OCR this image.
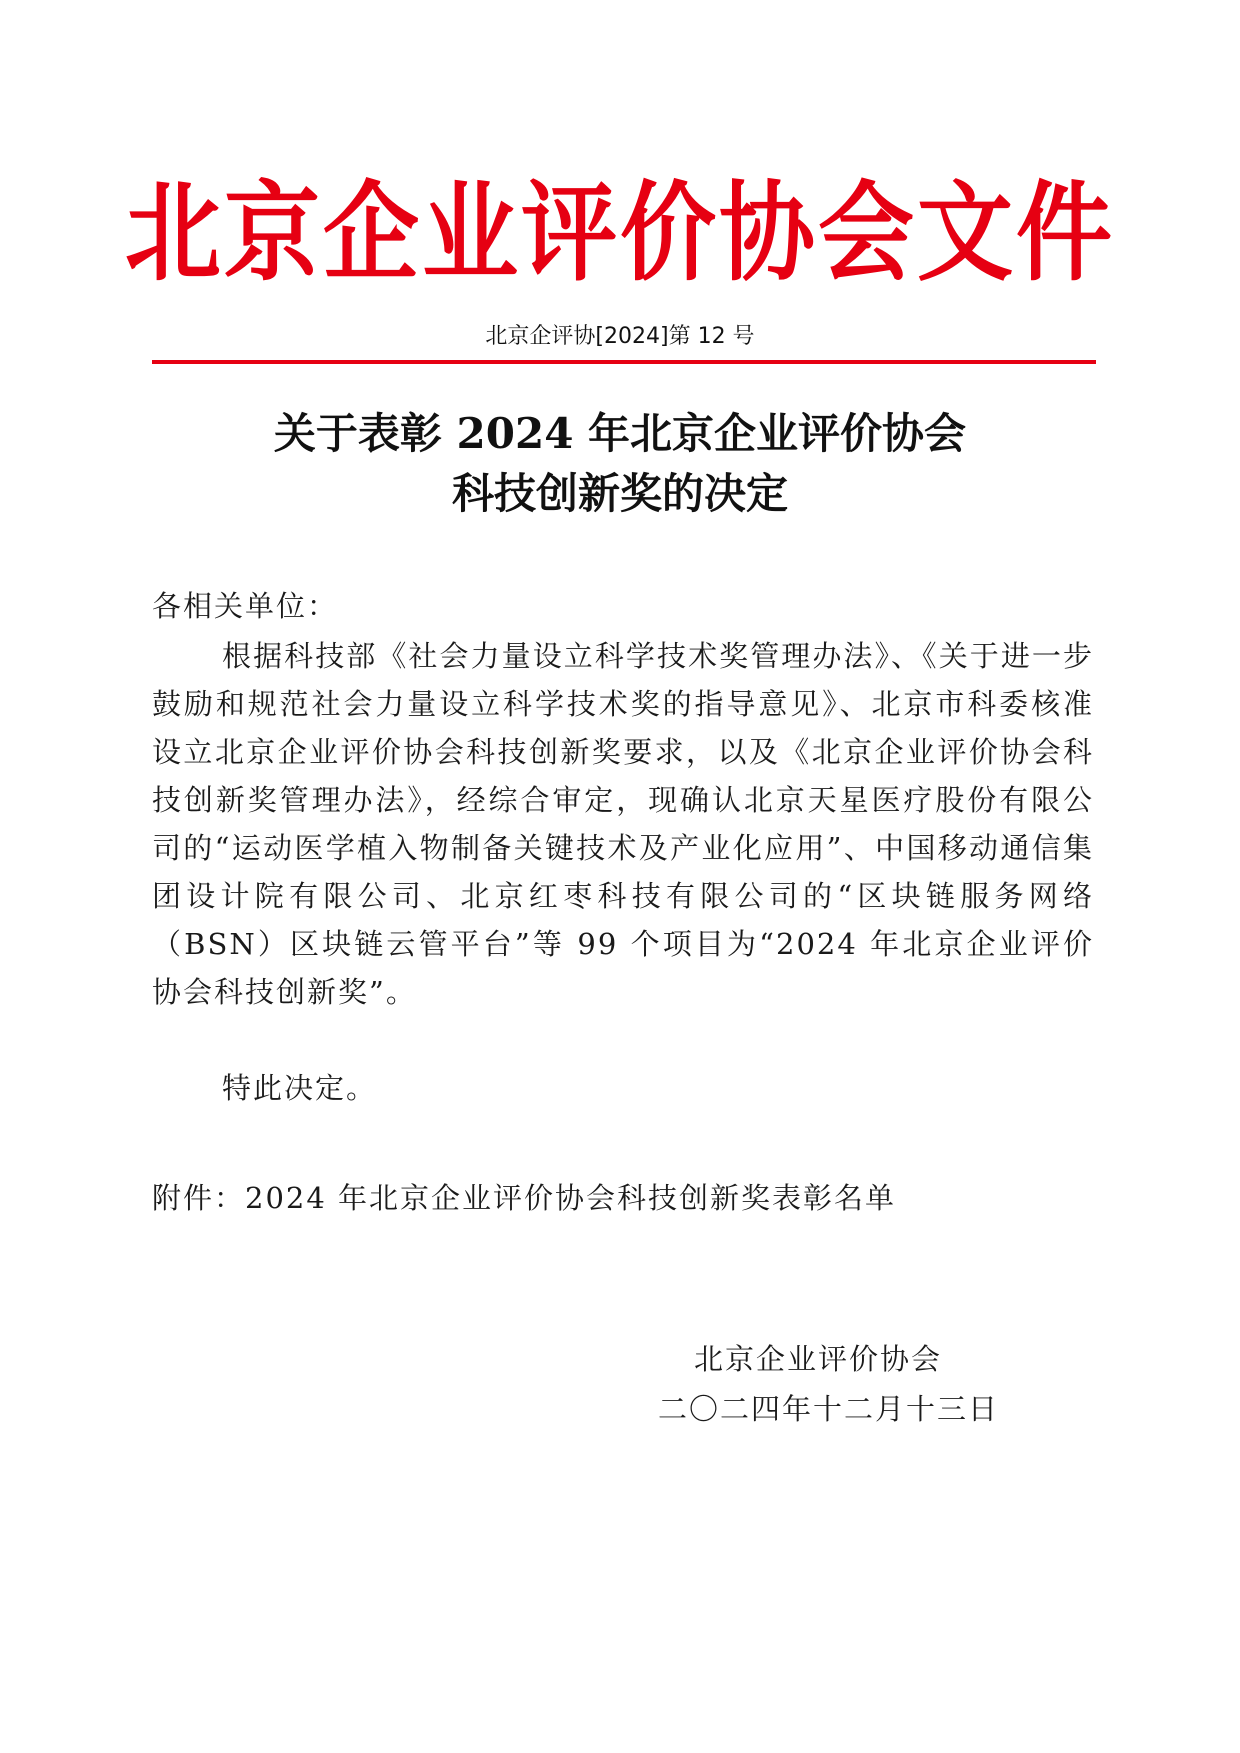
北京企业评价协会文件
北京企评协[2024]第 12 号
关于表彰 2024 年北京企业评价协会
科技创新奖的决定
各相关单位：

根据科技部《社会力量设立科学技术奖管理办法》、《关于进一步鼓励和规范社会力量设立科学技术奖的指导意见》、北京市科委核准设立北京企业评价协会科技创新奖要求，以及《北京企业评价协会科技创新奖管理办法》，经综合审定，现确认北京天星医疗股份有限公司的“运动医学植入物制备关键技术及产业化应用”、中国移动通信集团设计院有限公司、北京红枣科技有限公司的“区块链服务网络（BSN）区块链云管平台”等 99 个项目为“2024 年北京企业评价协会科技创新奖”。

特此决定。
附件：2024 年北京企业评价协会科技创新奖表彰名单
北京企业评价协会
二〇二四年十二月十三日
